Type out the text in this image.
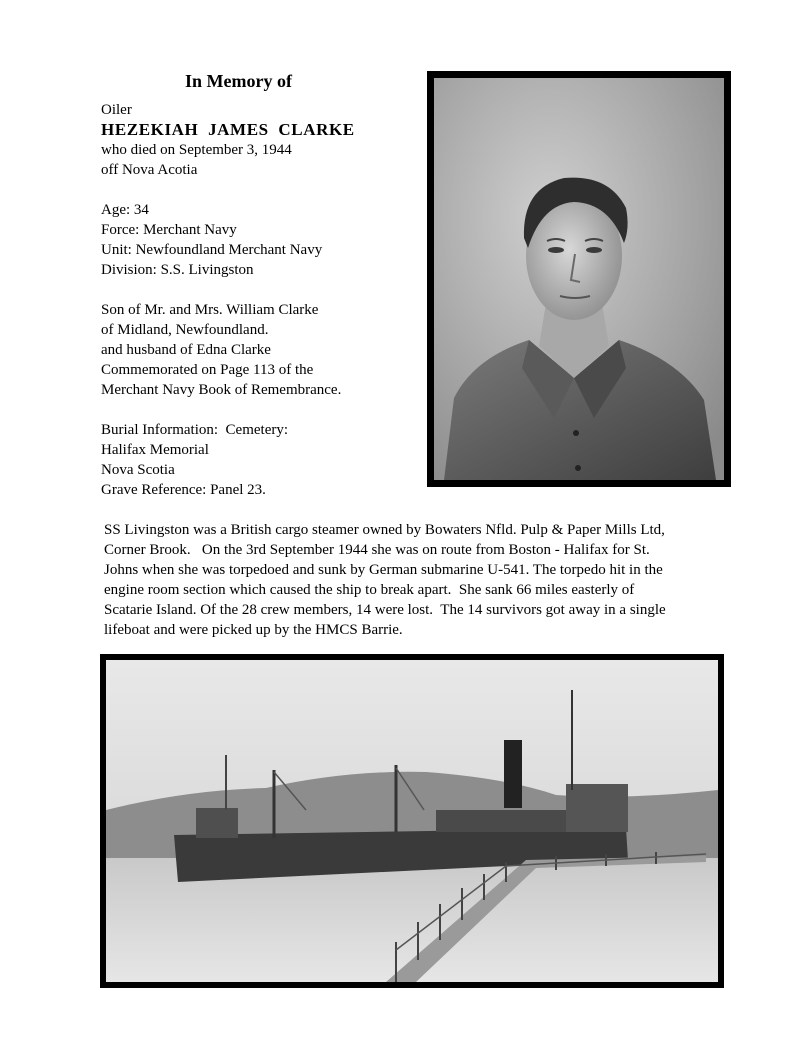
In Memory of
Oiler
HEZEKIAH  JAMES  CLARKE
who died on September 3, 1944
off Nova Acotia
Age: 34
Force: Merchant Navy
Unit: Newfoundland Merchant Navy
Division: S.S. Livingston
Son of Mr. and Mrs. William Clarke
of Midland, Newfoundland.
and husband of Edna Clarke
Commemorated on Page 113 of the
Merchant Navy Book of Remembrance.
Burial Information:  Cemetery:
Halifax Memorial
Nova Scotia
Grave Reference: Panel 23.
SS Livingston was a British cargo steamer owned by Bowaters Nfld. Pulp & Paper Mills Ltd,
Corner Brook.   On the 3rd September 1944 she was on route from Boston - Halifax for St.
Johns when she was torpedoed and sunk by German submarine U-541. The torpedo hit in the
engine room section which caused the ship to break apart.  She sank 66 miles easterly of
Scatarie Island. Of the 28 crew members, 14 were lost.  The 14 survivors got away in a single
lifeboat and were picked up by the HMCS Barrie.
